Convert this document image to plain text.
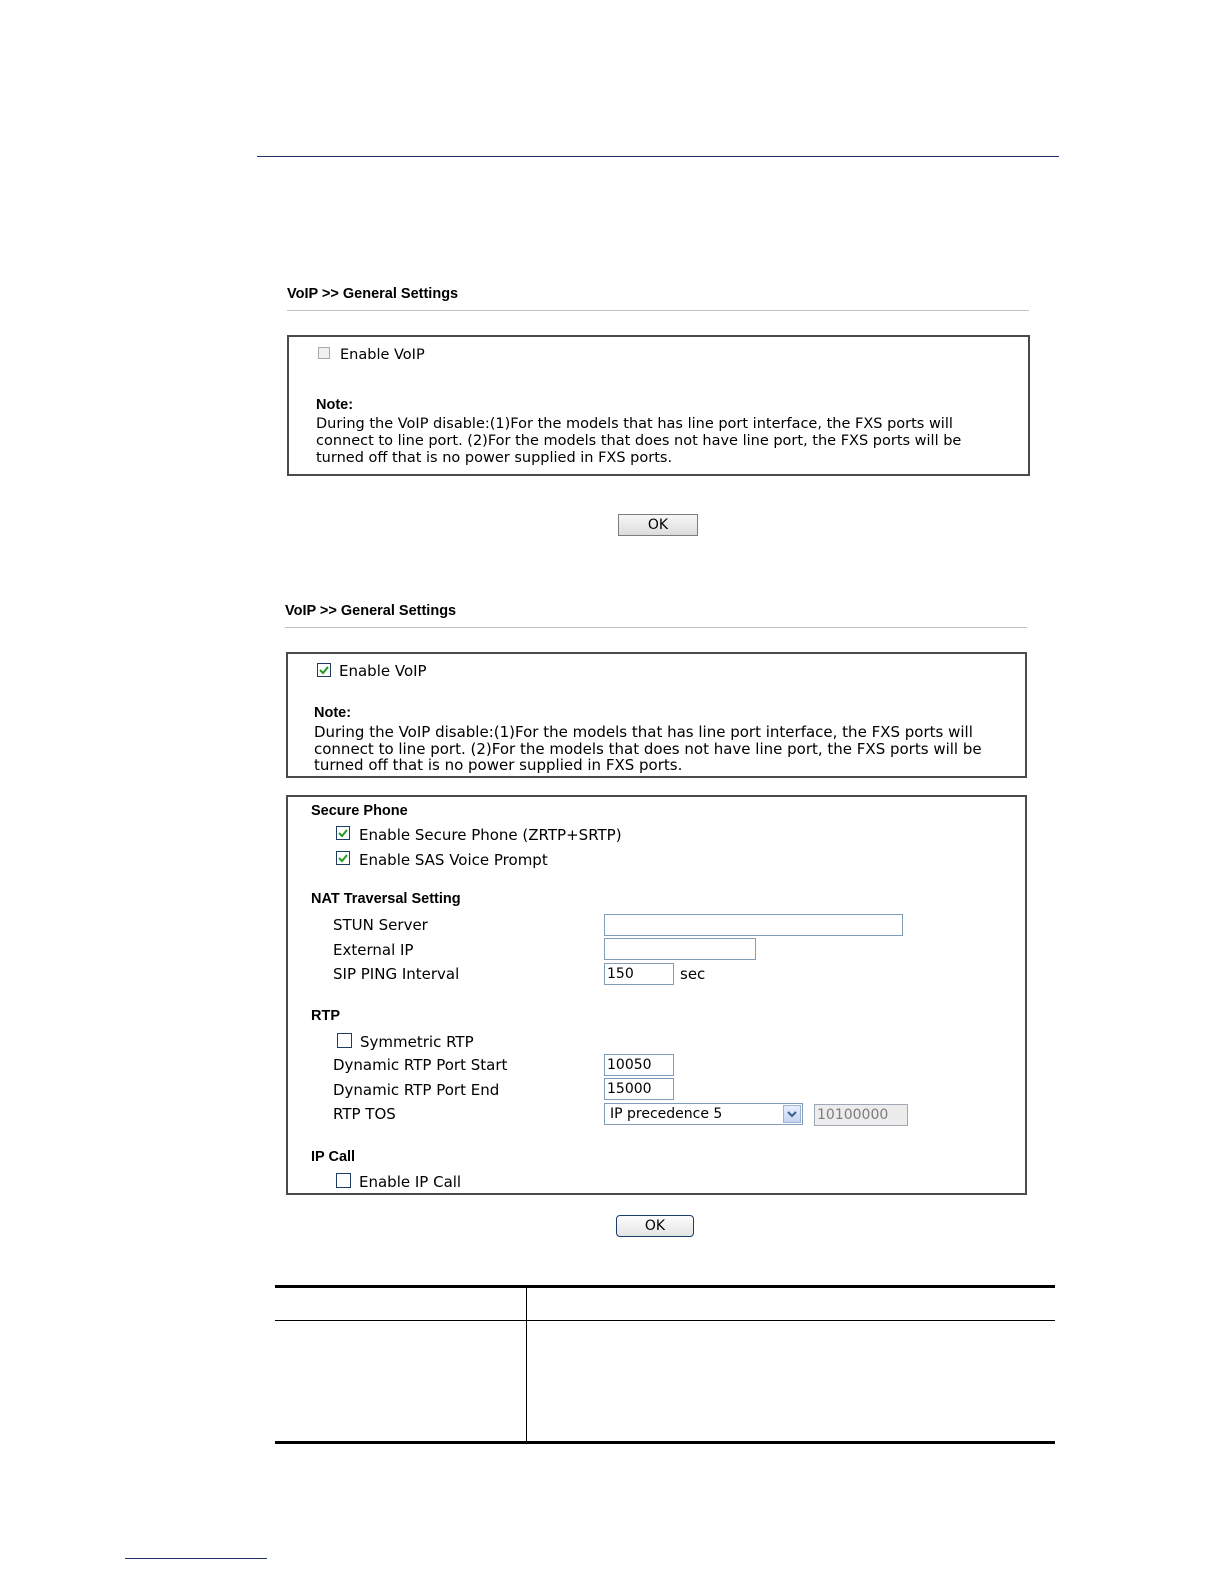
VoIP >> General Settings
Enable VoIP
Note:
During the VoIP disable:(1)For the models that has line port interface, the FXS ports will
connect to line port. (2)For the models that does not have line port, the FXS ports will be
turned off that is no power supplied in FXS ports.
OK
VoIP >> General Settings
Enable VoIP
Note:
During the VoIP disable:(1)For the models that has line port interface, the FXS ports will
connect to line port. (2)For the models that does not have line port, the FXS ports will be
turned off that is no power supplied in FXS ports.
Secure Phone
Enable Secure Phone (ZRTP+SRTP)
Enable SAS Voice Prompt
NAT Traversal Setting
STUN Server
External IP
SIP PING Interval	150	sec
RTP
Symmetric RTP
Dynamic RTP Port Start	10050
Dynamic RTP Port End	15000
RTP TOS	IP precedence 5	10100000
IP Call
Enable IP Call
OK
